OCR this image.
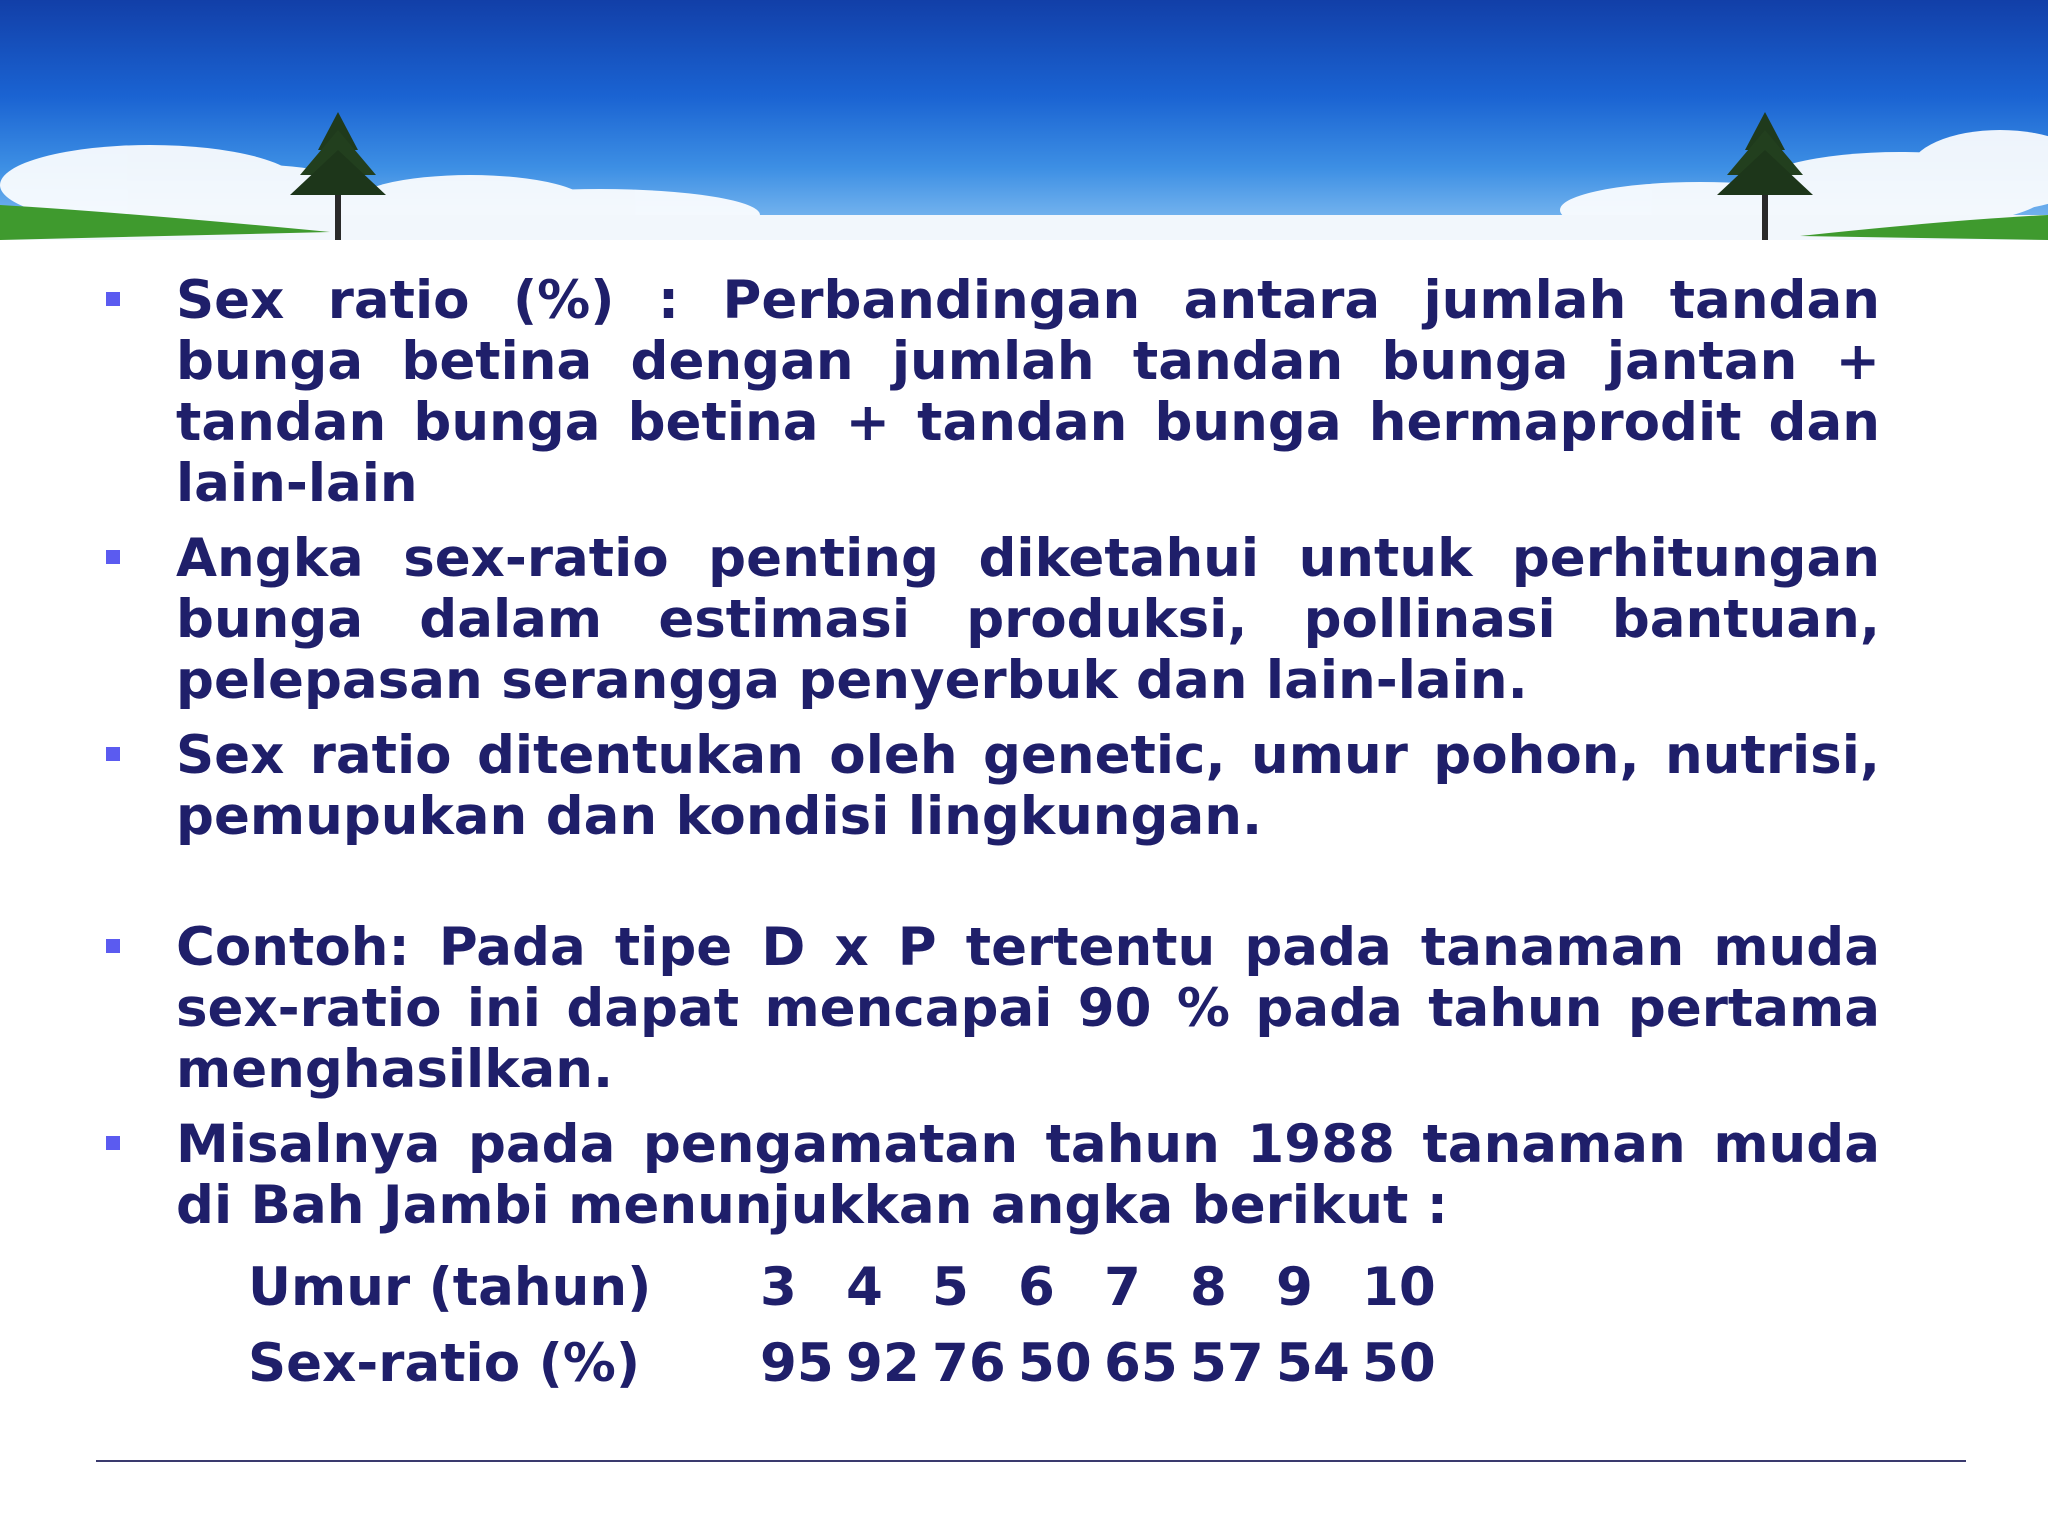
Sex ratio (%) : Perbandingan antara jumlah tandan bunga betina dengan jumlah tandan bunga jantan + tandan bunga betina + tandan bunga hermaprodit dan lain-lain

Angka sex-ratio penting diketahui untuk perhitungan bunga dalam estimasi produksi, pollinasi bantuan, pelepasan serangga penyerbuk dan lain-lain.

Sex ratio ditentukan oleh genetic, umur pohon, nutrisi, pemupukan dan kondisi lingkungan.

Contoh: Pada tipe D x P tertentu pada tanaman muda sex-ratio ini dapat mencapai 90 % pada tahun pertama menghasilkan.

Misalnya pada pengamatan tahun 1988 tanaman muda di Bah Jambi menunjukkan angka berikut :

Umur (tahun)	3 4 5 6 7 8 9 10
Sex-ratio (%)	95 92 76 50 65 57 54 50
